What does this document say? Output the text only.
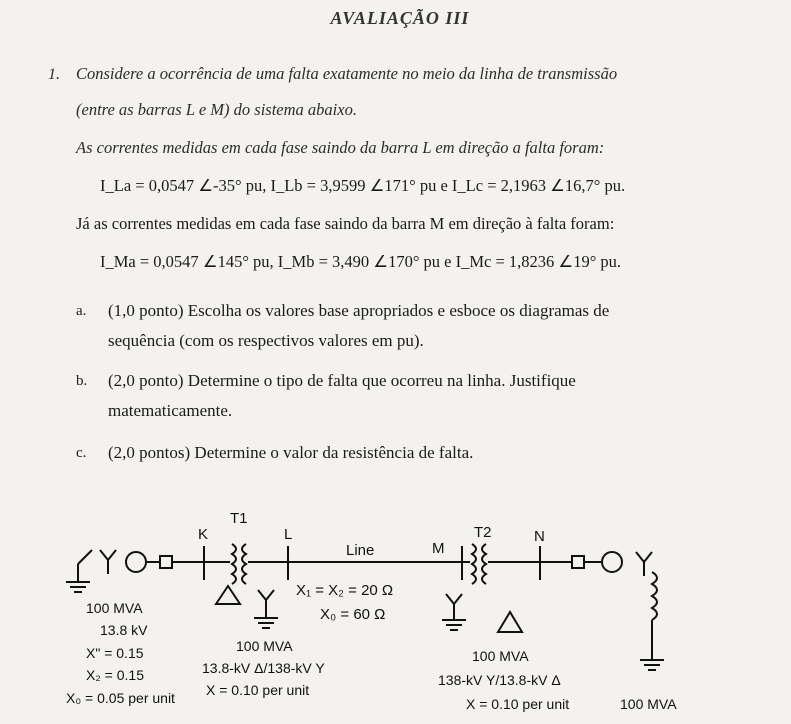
AVALIAÇÃO III
1. Considere a ocorrência de uma falta exatamente no meio da linha de transmissão
(entre as barras L e M) do sistema abaixo.
As correntes medidas em cada fase saindo da barra L em direção a falta foram:
I_La = 0,0547 ∠-35° pu, I_Lb = 3,9599 ∠171° pu e I_Lc = 2,1963 ∠16,7° pu.
Já as correntes medidas em cada fase saindo da barra M em direção à falta foram:
I_Ma = 0,0547 ∠145° pu, I_Mb = 3,490 ∠170° pu e I_Mc = 1,8236 ∠19° pu.
a. (1,0 ponto) Escolha os valores base apropriados e esboce os diagramas de
sequência (com os respectivos valores em pu).
b. (2,0 ponto) Determine o tipo de falta que ocorreu na linha. Justifique
matematicamente.
c. (2,0 pontos) Determine o valor da resistência de falta.
K	L
M
N
T1
T2
Line
X₁ = X₂ = 20 Ω
X₀ = 60 Ω
100 MVA
13.8 kV
X" = 0.15
X₂ = 0.15
X₀ = 0.05 per unit
100 MVA
13.8-kV Δ/138-kV Y
X = 0.10 per unit
100 MVA
138-kV Y/13.8-kV Δ
X = 0.10 per unit	100 MVA
